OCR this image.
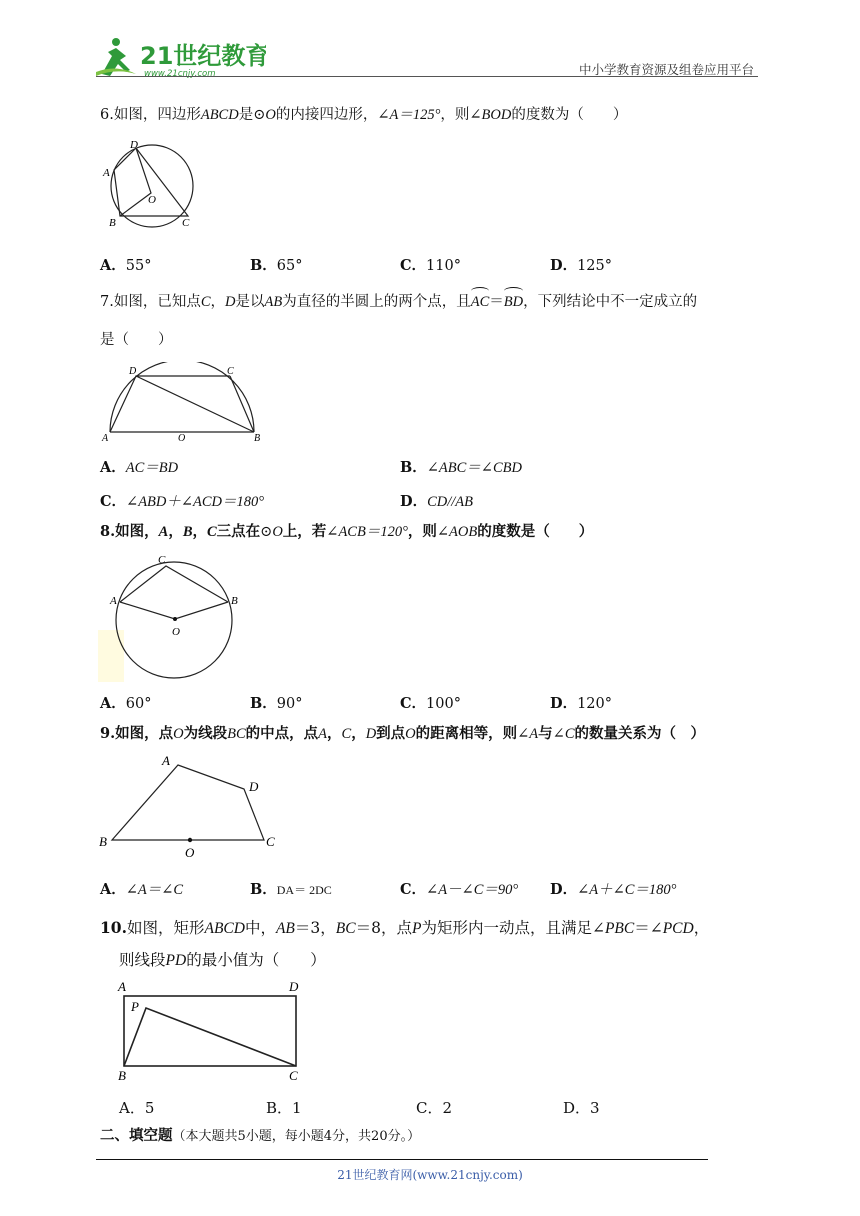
21世纪教育
www.21cnjy.com	中小学教育资源及组卷应用平台
6.如图，四边形ABCD是⊙O的内接四边形，∠A＝125°，则∠BOD的度数为（　　）
D
A
O
B	C
A．55°	B．65°	C．110°	D．125°
7.如图，已知点C，D是以AB为直径的半圆上的两个点，且AC＝BD，下列结论中不一定成立的
是（　　）
D	C
A	O	B
A．AC＝BD	B．∠ABC＝∠CBD
C．∠ABD＋∠ACD＝180°	D．CD//AB
8.如图，A，B，C三点在⊙O上，若∠ACB＝120°，则∠AOB的度数是（　　）
C
A	B
O
A．60°	B．90°	C．100°	D．120°
9.如图，点O为线段BC的中点，点A，C，D到点O的距离相等，则∠A与∠C的数量关系为（　）
A
D
B
O
C
A．∠A＝∠C	B．DA＝ 2DC	C．∠A－∠C＝90° D．∠A＋∠C＝180°
10.如图，矩形ABCD中，AB＝3，BC＝8，点P为矩形内一动点，且满足∠PBC＝∠PCD，
则线段PD的最小值为（　　）
A	D
P
B	C
A．5	B．1	C．2	D．3
二、填空题（本大题共5小题，每小题4分，共20分。）
21世纪教育网(www.21cnjy.com)
